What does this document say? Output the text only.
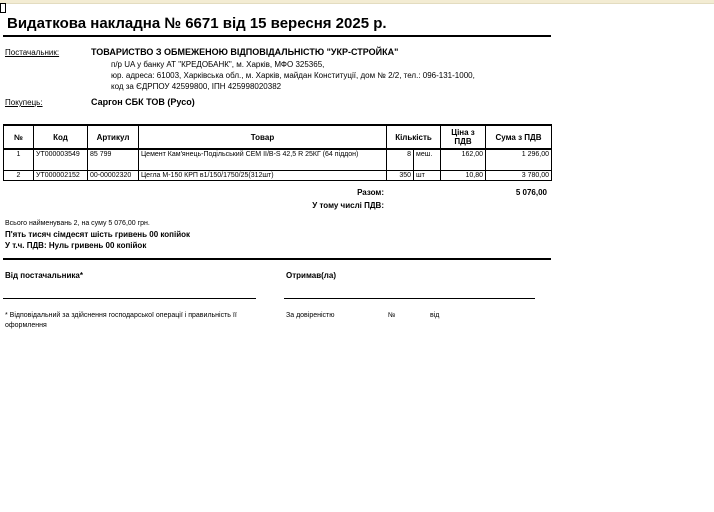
Видаткова накладна № 6671 від 15 вересня 2025 р.
Постачальник:	ТОВАРИСТВО З ОБМЕЖЕНОЮ ВІДПОВІДАЛЬНІСТЮ "УКР-СТРОЙКА"
п/р UA у банку АТ "КРЕДОБАНК", м. Харків, МФО 325365,
юр. адреса: 61003, Харківська обл., м. Харків, майдан Конституції, дом № 2/2, тел.: 096-131-1000,
код за ЄДРПОУ 42599800, ІПН 425998020382
Покупець:	Саргон СБК ТОВ (Русо)
№	Код	Артикул	Товар	Кількість		Ціна з ПДВ	Сума з ПДВ
1	УТ000003549	85 799	Цемент Кам'янець-Подільський CEM II/B-S 42,5 R 25КГ (64 піддон)	8	меш.	162,00	1 296,00
2	УТ000002152	00-00002320	Цегла М-150 КРП в1/150/1750/25(312шт)	350	шт	10,80	3 780,00
Разом:	5 076,00
У тому числі ПДВ:
Всього найменувань 2, на суму 5 076,00 грн.
П'ять тисяч сімдесят шість гривень 00 копійок
У т.ч. ПДВ: Нуль гривень 00 копійок
Від постачальника*	Отримав(ла)
* Відповідальний за здійснення господарської операції і правильність її оформлення
За довіреністю	№	від
